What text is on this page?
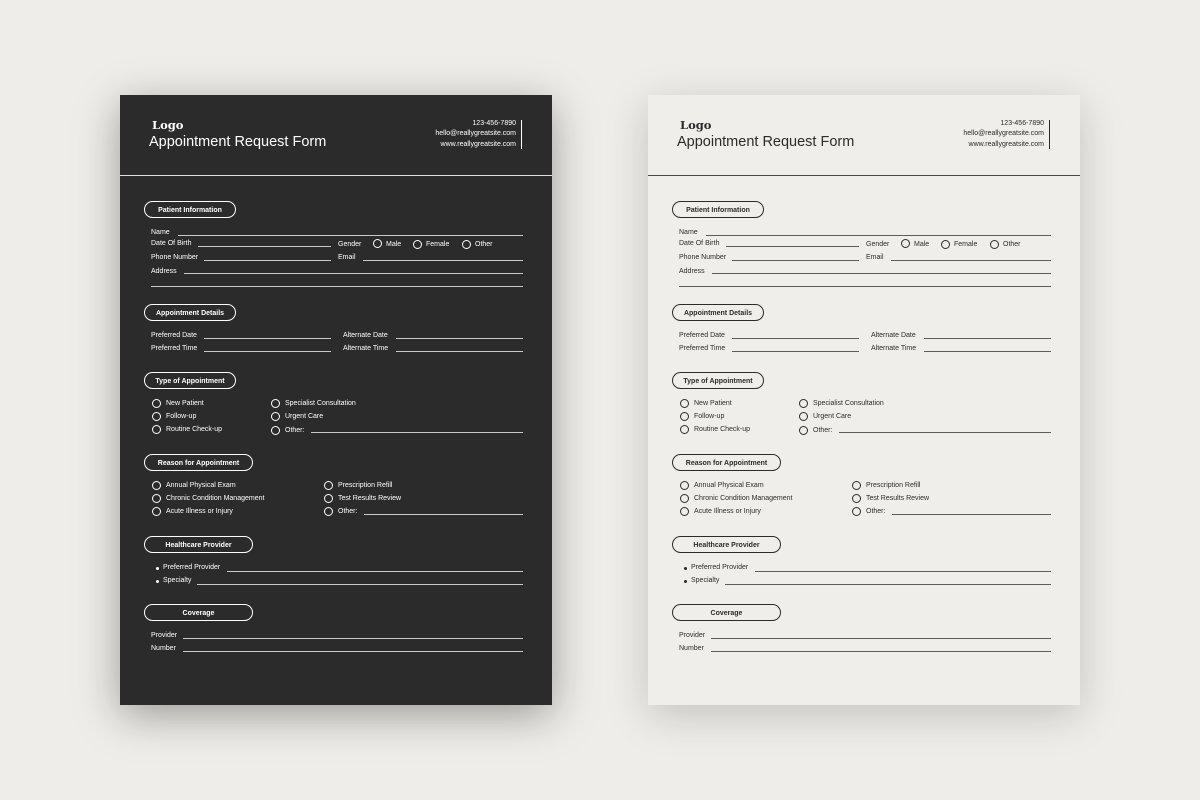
Logo
Appointment Request Form
123-456-7890
hello@reallygreatsite.com
www.reallygreatsite.com
Patient Information
Name
Date Of Birth	Gender	Male	Female	Other
Phone Number	Email
Address
Appointment Details
Preferred Date	Alternate Date
Preferred Time	Alternate Time
Type of Appointment
New Patient
Follow-up
Routine Check-up
Specialist Consultation
Urgent Care
Other:
Reason for Appointment
Annual Physical Exam
Chronic Condition Management
Acute Illness or Injury
Prescription Refill
Test Results Review
Other:
Healthcare Provider
Preferred Provider
Specialty
Coverage
Provider
Number
Logo
Appointment Request Form
123-456-7890
hello@reallygreatsite.com
www.reallygreatsite.com
Patient Information
Name
Date Of Birth	Gender	Male	Female	Other
Phone Number	Email
Address
Appointment Details
Preferred Date	Alternate Date
Preferred Time	Alternate Time
Type of Appointment
New Patient
Follow-up
Routine Check-up
Specialist Consultation
Urgent Care
Other:
Reason for Appointment
Annual Physical Exam
Chronic Condition Management
Acute Illness or Injury
Prescription Refill
Test Results Review
Other:
Healthcare Provider
Preferred Provider
Specialty
Coverage
Provider
Number
